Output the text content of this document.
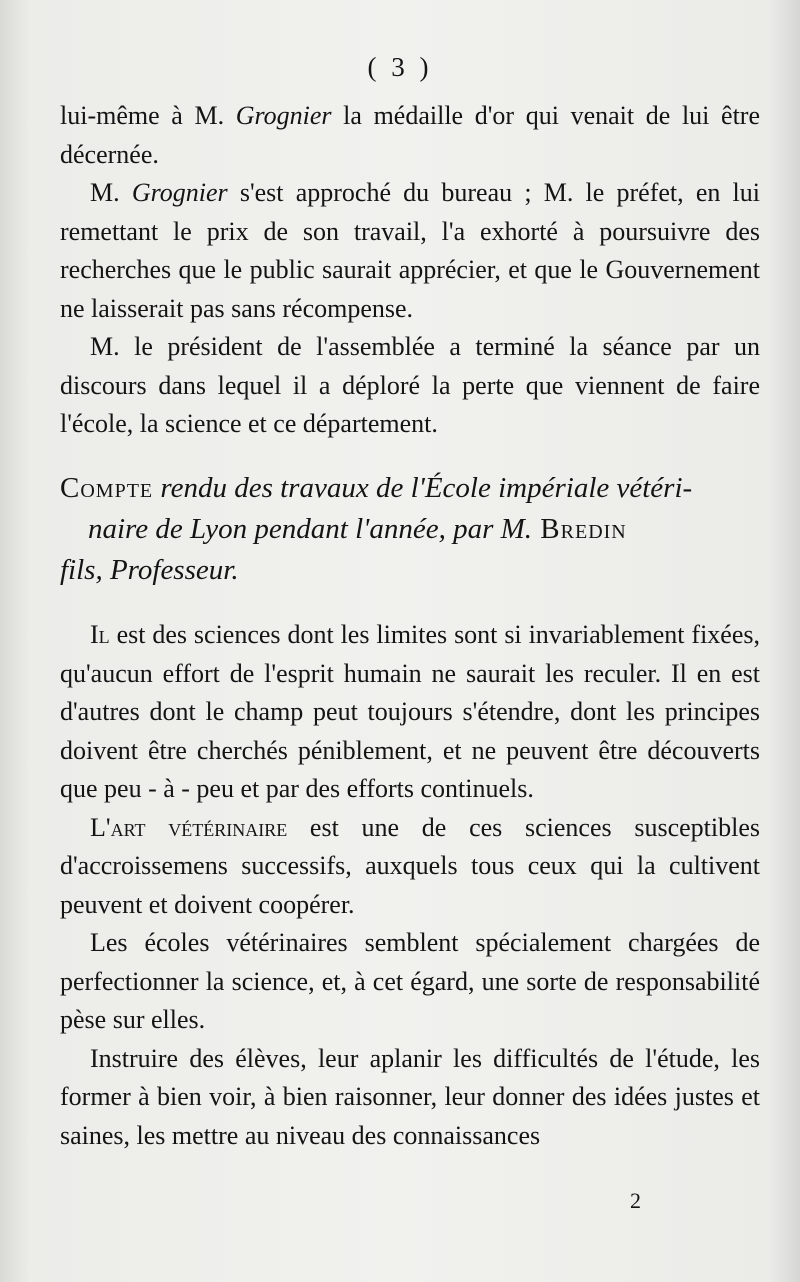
( 3 )

lui-même à M. Grognier la médaille d'or qui venait de lui être décernée.

M. Grognier s'est approché du bureau ; M. le préfet, en lui remettant le prix de son travail, l'a exhorté à poursuivre des recherches que le public saurait apprécier, et que le Gouvernement ne laisserait pas sans récompense.

M. le président de l'assemblée a terminé la séance par un discours dans lequel il a déploré la perte que viennent de faire l'école, la science et ce département.

Compte rendu des travaux de l'École impériale vétéri-
naire de Lyon pendant l'année, par M. Bredin
fils, Professeur.

Il est des sciences dont les limites sont si invariablement fixées, qu'aucun effort de l'esprit humain ne saurait les reculer. Il en est d'autres dont le champ peut toujours s'étendre, dont les principes doivent être cherchés péniblement, et ne peuvent être découverts que peu - à - peu et par des efforts continuels.

L'art vétérinaire est une de ces sciences susceptibles d'accroissemens successifs, auxquels tous ceux qui la cultivent peuvent et doivent coopérer.

Les écoles vétérinaires semblent spécialement chargées de perfectionner la science, et, à cet égard, une sorte de responsabilité pèse sur elles.

Instruire des élèves, leur aplanir les difficultés de l'étude, les former à bien voir, à bien raisonner, leur donner des idées justes et saines, les mettre au niveau des connaissances

2
